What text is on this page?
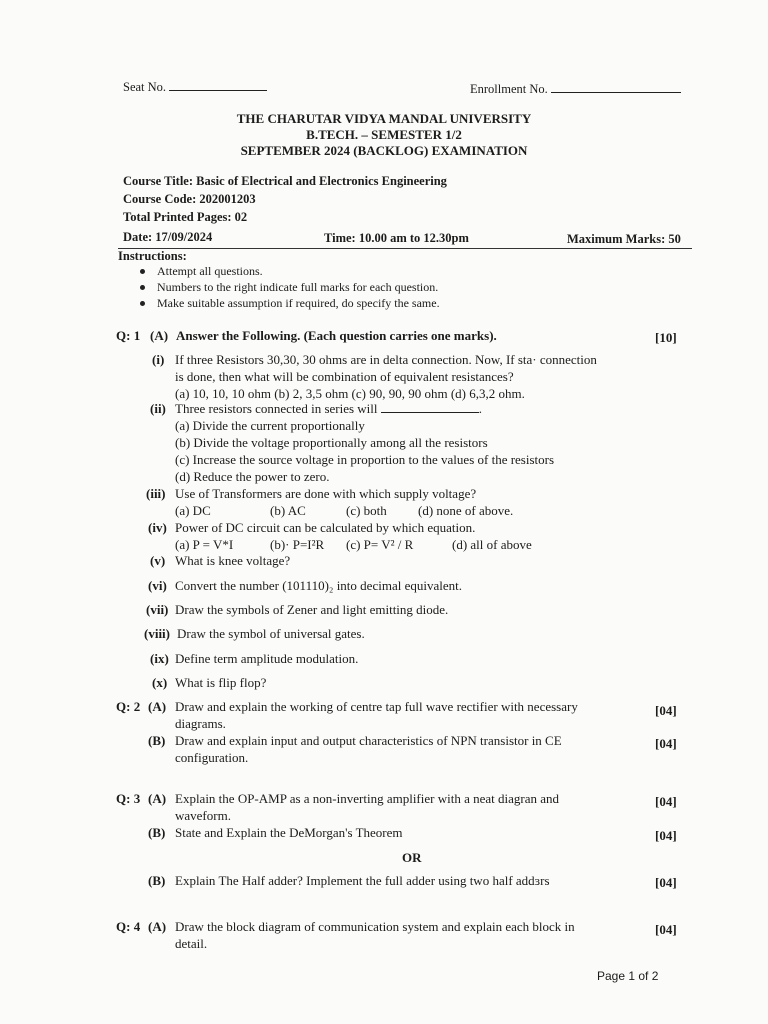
Seat No.	Enrollment No.
THE CHARUTAR VIDYA MANDAL UNIVERSITY
B.TECH. – SEMESTER 1/2
SEPTEMBER 2024 (BACKLOG) EXAMINATION
Course Title: Basic of Electrical and Electronics Engineering
Course Code: 202001203
Total Printed Pages: 02
Date: 17/09/2024	Time: 10.00 am to 12.30pm	Maximum Marks: 50
Instructions:
Attempt all questions.
Numbers to the right indicate full marks for each question.
Make suitable assumption if required, do specify the same.
Q: 1 (A) Answer the Following. (Each question carries one marks).	[10]
(i) If three Resistors 30,30, 30 ohms are in delta connection. Now, If sta· connection
is done, then what will be combination of equivalent resistances?
(a) 10, 10, 10 ohm (b) 2, 3,5 ohm (c) 90, 90, 90 ohm (d) 6,3,2 ohm.
(ii) Three resistors connected in series will	.
(a) Divide the current proportionally
(b) Divide the voltage proportionally among all the resistors
(c) Increase the source voltage in proportion to the values of the resistors
(d) Reduce the power to zero.
(iii) Use of Transformers are done with which supply voltage?
(a) DC	(b) AC	(c) both (d) none of above.
(iv) Power of DC circuit can be calculated by which equation.
(a) P = V*I	(b)· P=I²R (c) P= V² / R	(d) all of above
(v) What is knee voltage?
(vi) Convert the number (101110)₂ into decimal equivalent.
(vii) Draw the symbols of Zener and light emitting diode.
(viii) Draw the symbol of universal gates.
(ix) Define term amplitude modulation.
(x) What is flip flop?
Q: 2 (A) Draw and explain the working of centre tap full wave rectifier with necessary
diagrams.
[04]
(B) Draw and explain input and output characteristics of NPN transistor in CE
configuration.
[04]
Q: 3 (A) Explain the OP-AMP as a non-inverting amplifier with a neat diagran and
waveform.
[04]
(B) State and Explain the DeMorgan's Theorem	[04]
OR
(B) Explain The Half adder? Implement the full adder using two half addɜrs	[04]
Q: 4 (A) Draw the block diagram of communication system and explain each block in
detail.
[04]
Page 1 of 2
